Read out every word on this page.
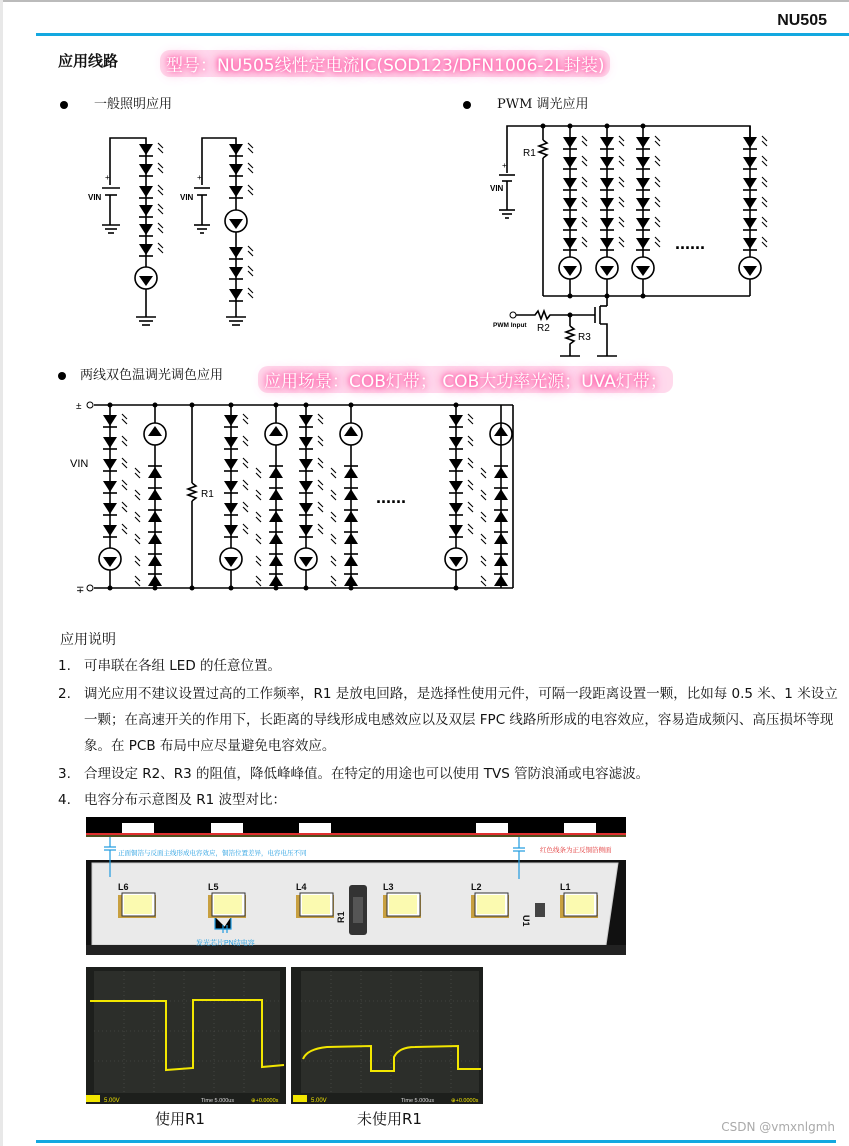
NU505
应用线路	型号：NU505线性定电流IC(SOD123/DFN1006-2L封装)
一般照明应用	PWM 调光应用
两线双色温调光调色应用	应用场景：COB灯带； COB大功率光源；UVA灯带；
+
VIN
+
VIN
......
R1
+
VIN
PWM Input R2
R3
±
∓
VIN
R1	......
应用说明
1. 可串联在各组 LED 的任意位置。
2. 调光应用不建议设置过高的工作频率，R1 是放电回路，是选择性使用元件，可隔一段距离设置一颗，比如每 0.5 米、1 米设立一颗；在高速开关的作用下，长距离的导线形成电感效应以及双层 FPC 线路所形成的电容效应，容易造成频闪、高压损坏等现象。在 PCB 布局中应尽量避免电容效应。
3. 合理设定 R2、R3 的阻值，降低峰峰值。在特定的用途也可以使用 TVS 管防浪涌或电容滤波。
4. 电容分布示意图及 R1 波型对比：
正面铜箔与反面主线形成电容效应，铜箔位置差异，电容电压不同	红色线条为正反铜箔侧面
发光芯片PN结电容
L6	L5	L4	L3	L2	L1
R1	U1
5.00V	Time 5.000us	⊕+0.0000s	5.00V	Time 5.000us	⊕+0.0000s
使用R1	未使用R1	CSDN @vmxnlgmh
